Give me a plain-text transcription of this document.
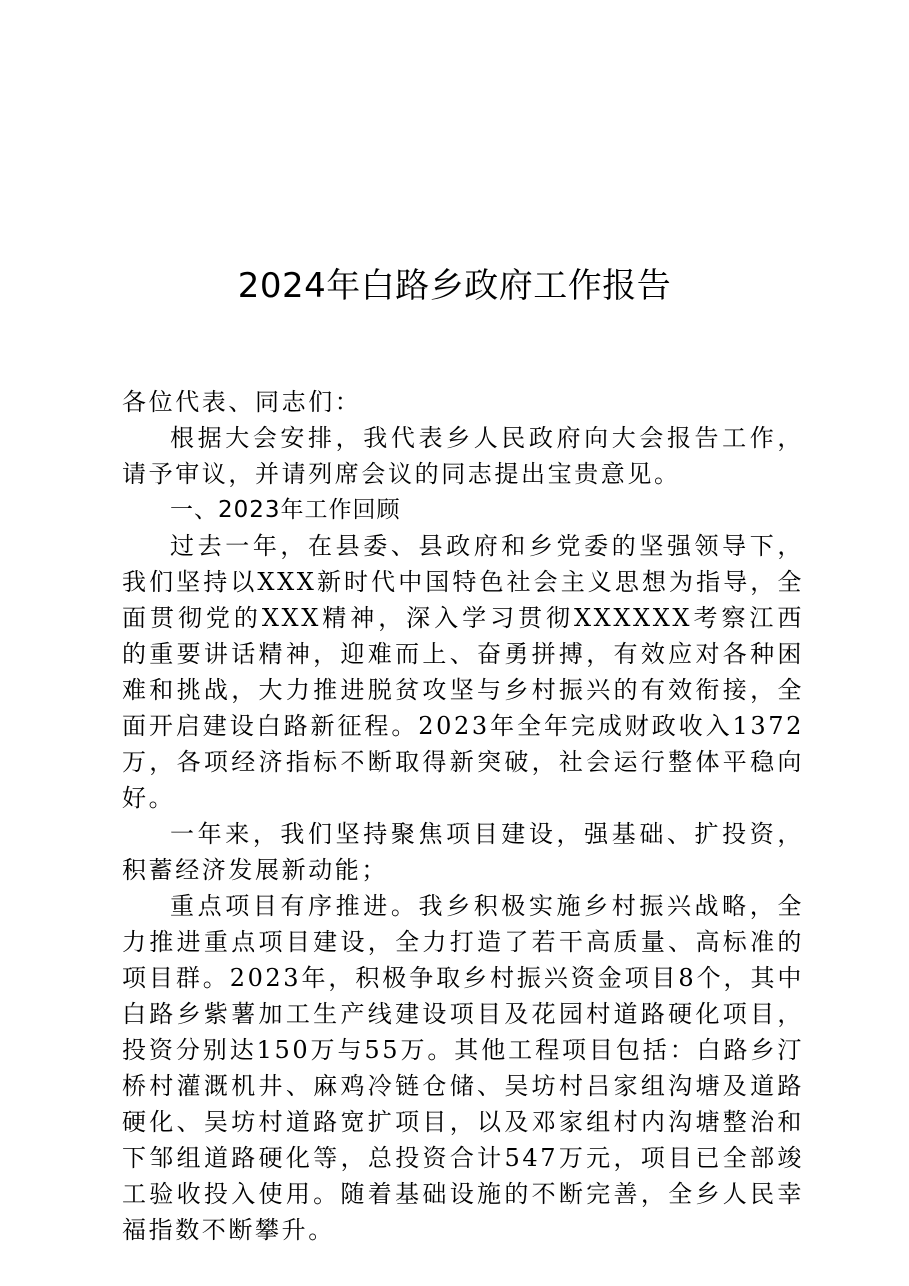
2024年白路乡政府工作报告

各位代表、同志们：

根据大会安排，我代表乡人民政府向大会报告工作，请予审议，并请列席会议的同志提出宝贵意见。

一、2023年工作回顾

过去一年，在县委、县政府和乡党委的坚强领导下，我们坚持以XXX新时代中国特色社会主义思想为指导，全面贯彻党的XXX精神，深入学习贯彻XXXXXX考察江西的重要讲话精神，迎难而上、奋勇拼搏，有效应对各种困难和挑战，大力推进脱贫攻坚与乡村振兴的有效衔接，全面开启建设白路新征程。2023年全年完成财政收入1372万，各项经济指标不断取得新突破，社会运行整体平稳向好。

一年来，我们坚持聚焦项目建设，强基础、扩投资，积蓄经济发展新动能；

重点项目有序推进。我乡积极实施乡村振兴战略，全力推进重点项目建设，全力打造了若干高质量、高标准的项目群。2023年，积极争取乡村振兴资金项目8个，其中白路乡紫薯加工生产线建设项目及花园村道路硬化项目，投资分别达150万与55万。其他工程项目包括：白路乡汀桥村灌溉机井、麻鸡冷链仓储、吴坊村吕家组沟塘及道路硬化、吴坊村道路宽扩项目，以及邓家组村内沟塘整治和下邹组道路硬化等，总投资合计547万元，项目已全部竣工验收投入使用。随着基础设施的不断完善，全乡人民幸福指数不断攀升。
